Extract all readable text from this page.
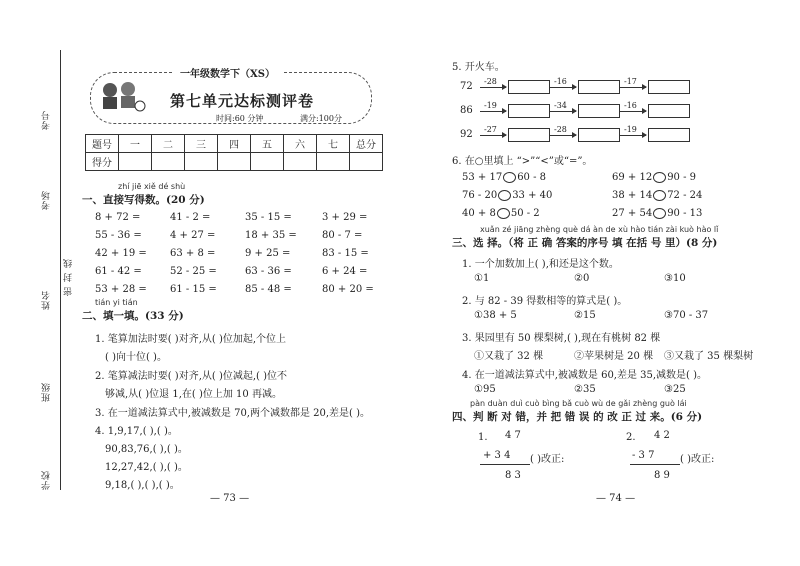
考号
考场
姓名
密 封 线
班级
学校
一年级数学下（XS）
第七单元达标测评卷
时间:60 分钟	满分:100分
题号	一	二	三	四	五	六	七	总分
得分								
zhí jiē xiě dé shù
一、直接写得数。(20 分)
8 + 72 =	41 - 2 =	35 - 15 =	3 + 29 =
55 - 36 =	4 + 27 =	18 + 35 =	80 - 7 =
42 + 19 = 63 + 8 =	9 + 25 =	83 - 15 =
61 - 42 =	52 - 25 =	63 - 36 =	6 + 24 =
53 + 28 = 61 - 15 =	85 - 48 =	80 + 20 =
tián yi tián
二、填一填。(33 分)
1. 笔算加法时要( )对齐,从( )位加起,个位上
( )向十位( )。
2. 笔算减法时要( )对齐,从( )位减起,( )位不
够减,从( )位退 1,在( )位上加 10 再减。
3. 在一道减法算式中,被减数是 70,两个减数都是 20,差是( )。
4. 1,9,17,( ),( )。
90,83,76,( ),( )。
12,27,42,( ),( )。
9,18,( ),( ),( )。
— 73 —
5. 开火车。
72 -28	-16	-17
86 -19	-34	-16
92 -27	-28	-19
6. 在○里填上 “>”“<”或“=”。
53 + 17 60 - 8	69 + 12 90 - 9
76 - 20 33 + 40	38 + 14 72 - 24
40 + 8 50 - 2	27 + 54 90 - 13
xuǎn zé jiāng zhèng què dá àn de xù hào tián zài kuò hào lǐ
三、选 择。（将 正 确 答案的序号 填 在括 号 里）(8 分)
1. 一个加数加上( ),和还是这个数。
①1	②0	③10
2. 与 82 - 39 得数相等的算式是( )。
①38 + 5	②15	③70 - 37
3. 果园里有 50 棵梨树,( ),现在有桃树 82 棵
①又栽了 32 棵	②苹果树是 20 棵 ③又栽了 35 棵梨树
4. 在一道减法算式中,被减数是 60,差是 35,减数是( )。
①95	②35	③25
pàn duàn duì cuò bìng bǎ cuò wù de gǎi zhèng guò lái
四、判 断 对 错，并 把 错 误 的 改 正 过 来。(6 分)
1. 4 7
+ 3 4 ( )改正:
8 3
2. 4 2
- 3 7	( )改正:
8 9
— 74 —
